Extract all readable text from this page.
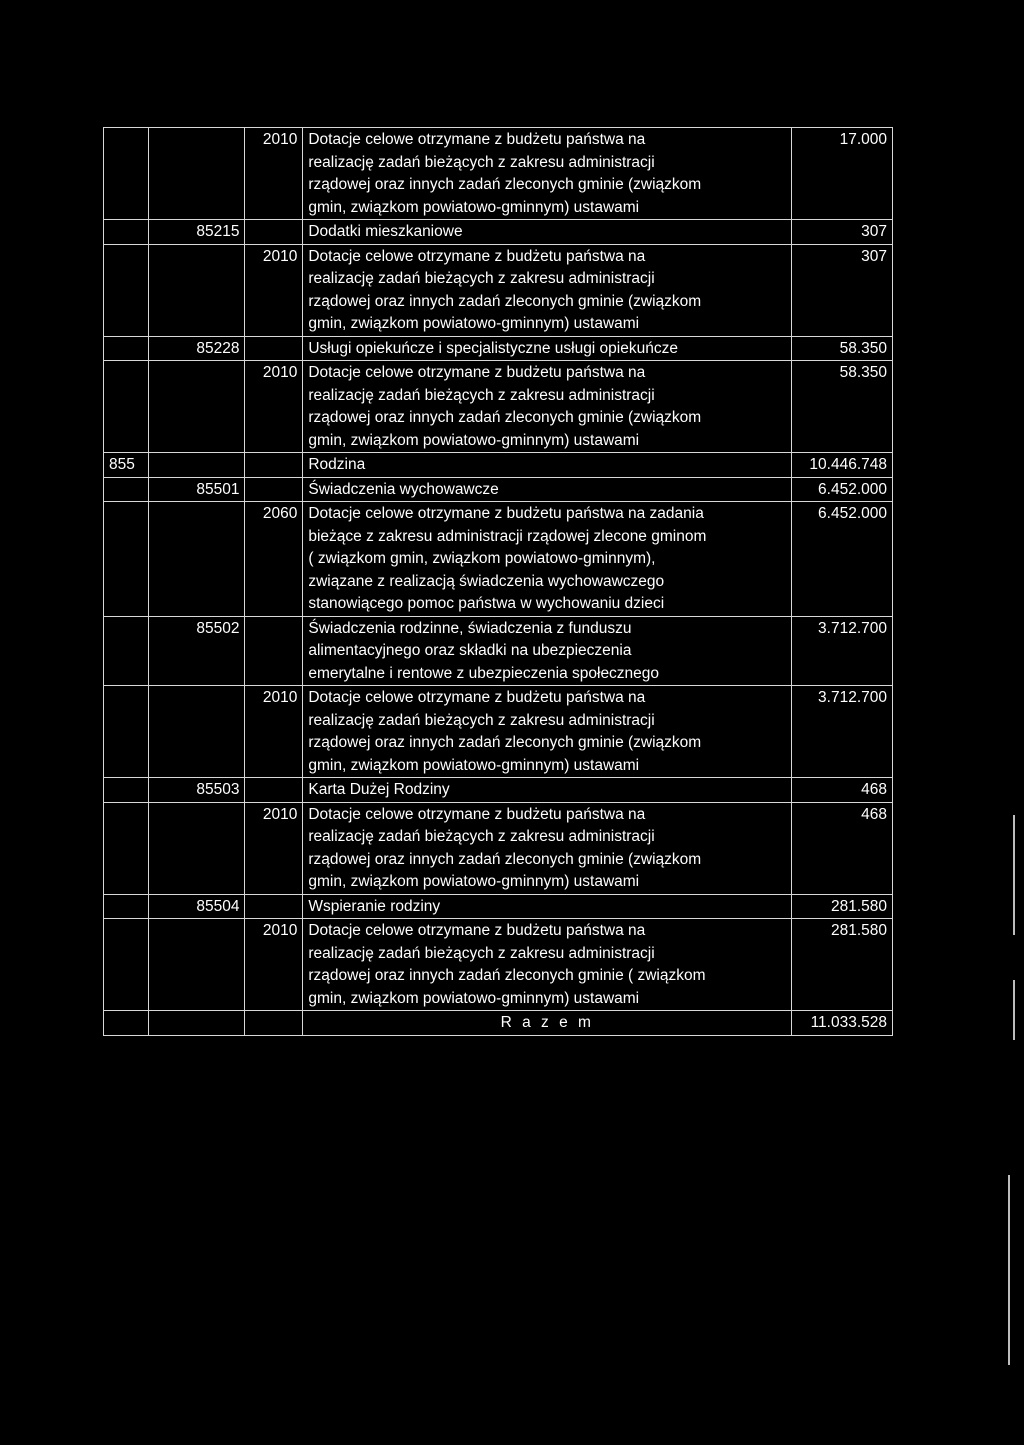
		2010	Dotacje celowe otrzymane z budżetu państwa na
realizację zadań bieżących z zakresu administracji
rządowej oraz innych zadań zleconych gminie (związkom
gmin, związkom powiatowo-gminnym) ustawami	17.000
	85215		Dodatki mieszkaniowe	307
		2010	Dotacje celowe otrzymane z budżetu państwa na
realizację zadań bieżących z zakresu administracji
rządowej oraz innych zadań zleconych gminie (związkom
gmin, związkom powiatowo-gminnym) ustawami	307
	85228		Usługi opiekuńcze i specjalistyczne usługi opiekuńcze	58.350
		2010	Dotacje celowe otrzymane z budżetu państwa na
realizację zadań bieżących z zakresu administracji
rządowej oraz innych zadań zleconych gminie (związkom
gmin, związkom powiatowo-gminnym) ustawami	58.350
855			Rodzina	10.446.748
	85501		Świadczenia wychowawcze	6.452.000
		2060	Dotacje celowe otrzymane z budżetu państwa na zadania
bieżące z zakresu administracji rządowej zlecone gminom
( związkom gmin, związkom powiatowo-gminnym),
związane z realizacją świadczenia wychowawczego
stanowiącego pomoc państwa w wychowaniu dzieci	6.452.000
	85502		Świadczenia rodzinne, świadczenia z funduszu
alimentacyjnego oraz składki na ubezpieczenia
emerytalne i rentowe z ubezpieczenia społecznego	3.712.700
		2010	Dotacje celowe otrzymane z budżetu państwa na
realizację zadań bieżących z zakresu administracji
rządowej oraz innych zadań zleconych gminie (związkom
gmin, związkom powiatowo-gminnym) ustawami	3.712.700
	85503		Karta Dużej Rodziny	468
		2010	Dotacje celowe otrzymane z budżetu państwa na
realizację zadań bieżących z zakresu administracji
rządowej oraz innych zadań zleconych gminie (związkom
gmin, związkom powiatowo-gminnym) ustawami	468
	85504		Wspieranie rodziny	281.580
		2010	Dotacje celowe otrzymane z budżetu państwa na
realizację zadań bieżących z zakresu administracji
rządowej oraz innych zadań zleconych gminie ( związkom
gmin, związkom powiatowo-gminnym) ustawami	281.580
			R a z e m	11.033.528
